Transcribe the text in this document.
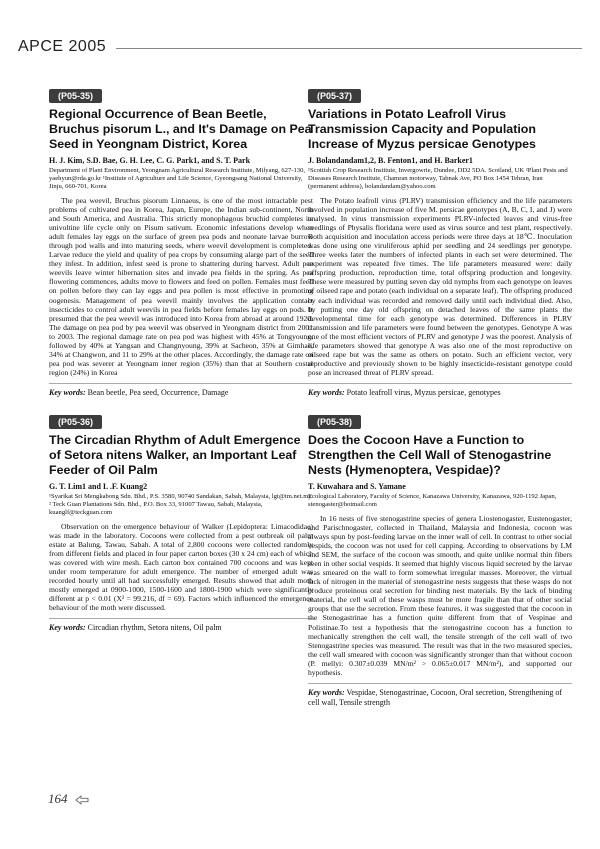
APCE 2005
(P05-35)
Regional Occurrence of Bean Beetle, Bruchus pisorum L., and It's Damage on Pea Seed in Yeongnam District, Korea
H. J. Kim, S.D. Bae, G. H. Lee, C. G. Park1, and S. T. Park
Department of Plant Environment, Yeongnam Agricultural Research Institute, Milyang, 627-130, yaehyun@rda.go.kr ¹Institute of Agriculture and Life Science, Gyeongsang National University, Jinju, 660-701, Korea

The pea weevil, Bruchus pisorum Linnaeus, is one of the most intractable pest problems of cultivated pea in Korea, Japan, Europe, the Indian sub-continent, North and South America, and Australia. This strictly monophagous bruchid completes its univoltine life cycle only on Pisum sativum. Economic infestations develop when adult females lay eggs on the surface of green pea pods and neonate larvae burrow through pod walls and into maturing seeds, where weevil development is completed. Larvae reduce the yield and quality of pea crops by consuming alarge part of the seed they infest. In addition, infest seed is prone to shattering during harvest. Adult pea weevils leave winter hibernation sites and invade pea fields in the spring. As pea flowering commences, adults move to flowers and feed on pollen. Females must feed on pollen before they can lay eggs and pea pollen is most effective in promoting oogenesis. Management of pea weevil mainly involves the application contact insecticides to control adult weevils in pea fields before females lay eggs on pods. It presumed that the pea weevil was introduced into Korea from abroad at around 1920. The damage on pea pod by pea weevil was observed in Yeongnam district from 2001 to 2003. The regional damage rate on pea pod was highest with 45% at Tongyoung, followed by 40% at Yangsan and Changnyoung, 39% at Sacheon, 35% at Gimhae, 34% at Changwon, and 11 to 29% at the other places. Accordingly, the damage rate on pea pod was severer at Yeongnam inner region (35%) than that at Southern costal region (24%) in Korea

Key words: Bean beetle, Pea seed, Occurrence, Damage
(P05-36)
The Circadian Rhythm of Adult Emergence of Setora nitens Walker, an Important Leaf Feeder of Oil Palm
G. T. Lim1 and L .F. Kuang2
¹Syarikat Sri Mengkabong Sdn. Bhd., P.S. 3580, 90740 Sandakan, Sabah, Malaysia, lgt@tm.net.my ² Teck Guan Plantations Sdn. Bhd., P.O. Box 33, 91007 Tawau, Sabah, Malaysia, kuanglf@teckguan.com

Observation on the emergence behaviour of Walker (Lepidoptera: Limacodidae) was made in the laboratory. Cocoons were collected from a pest outbreak oil palm estate at Balung, Tawau, Sabah. A total of 2,800 cocoons were collected randomly from different fields and placed in four paper carton boxes (30 x 24 cm) each of which was covered with wire mesh. Each carton box contained 700 cocoons and was kept under room temperature for adult emergence. The number of emerged adult was recorded hourly until all had successfully emerged. Results showed that adult moth mostly emerged at 0900-1000, 1500-1600 and 1800-1900 which were significantly different at p < 0.01 (X² = 99.216, df = 69). Factors which influenced the emergence behaviour of the moth were discussed.

Key words: Circadian rhythm, Setora nitens, Oil palm
(P05-37)
Variations in Potato Leafroll Virus Transmission Capacity and Population Increase of Myzus persicae Genotypes
J. Bolandandam1,2, B. Fenton1, and H. Barker1
¹Scottish Crop Research Institute, Invergowrie, Dundee, DD2 5DA. Scotland, UK ²Plant Pests and Diseases Research Institute, Chamran motorway, Tabnak Ave, PO Box 1454 Tehran, Iran (permanent address), bolandandam@yahoo.com

The Potato leafroll virus (PLRV) transmission efficiency and the life parameters involved in population increase of five M. persicae genotypes (A, B, C, I, and J) were analysed. In virus transmission experiments PLRV-infected leaves and virus-free seedlings of Physalis floridana were used as virus source and test plant, respectively. Both acquisition and inoculation access periods were three days at 18℃. Inoculation was done using one viruliferous aphid per seedling and 24 seedlings per genotype. Three weeks later the numbers of infected plants in each set were determined. The experiment was repeated five times. The life parameters measured were: daily offspring production, reproduction time, total offspring production and longevity. These were measured by putting seven day old nymphs from each genotype on leaves of oilseed rape and potato (each individual on a separate leaf). The offspring produced by each individual was recorded and removed daily until each individual died. Also, by putting one day old offspring on detached leaves of the same plants the developmental time for each genotype was determined. Differences in PLRV transmission and life parameters were found between the genotypes. Genotype A was one of the most efficient vectors of PLRV and genotype J was the poorest. Analysis of life parameters showed that genotype A was also one of the most reproductive on oilseed rape but was the same as others on potato. Such an efficient vector, very reproductive and previously shown to be highly insecticide-resistant genotype could pose an increased threat of PLRV spread.

Key words: Potato leafroll virus, Myzus persicae, genotypes
(P05-38)
Does the Cocoon Have a Function to Strengthen the Cell Wall of Stenogastrine Nests (Hymenoptera, Vespidae)?
T. Kuwahara and S. Yamane
Ecological Laboratory, Faculty of Science, Kanazawa University, Kanazawa, 920-1192 Japan, stenogaster@hotmail.com

In 16 nests of five stenogastrine species of genera Liostenogaster, Eustenogaster, and Parischnogaster, collected in Thailand, Malaysia and Indonesia, cocoon was always spun by post-feeding larvae on the inner wall of cell. In contrast to other social vespids, the cocoon was not used for cell capping. According to observations by LM and SEM, the surface of the cocoon was smooth, and quite unlike normal thin fibers seen in other social vespids. It seemed that highly viscous liquid secreted by the larvae was smeared on the wall to form somewhat irregular masses. Moreover, the virtual lack of nitrogen in the material of stenogastrine nests suggests that these wasps do not produce proteinous oral secretion for binding nest materials. By the lack of binding material, the cell wall of these wasps must be more fragile than that of other social groups that use the secretion. From these features, it was suggested that the cocoon in the Stenogastrinae has a function quite different from that of Vespinae and Polistinae.To test a hypothesis that the stenogastrine cocoon has a function to mechanically strengthen the cell wall, the tensile strength of the cell wall of two Stenogastrine species was measured. The result was that in the two measured species, the cell wall smeared with cocoon was significantly stronger than that without cocoon (P. mellyi: 0.307±0.039 MN/m² > 0.065±0.017 MN/m²), and supported our hypothesis.

Key words: Vespidae, Stenogastrinae, Cocoon, Oral secretion, Strengthening of cell wall, Tensile strength
164
